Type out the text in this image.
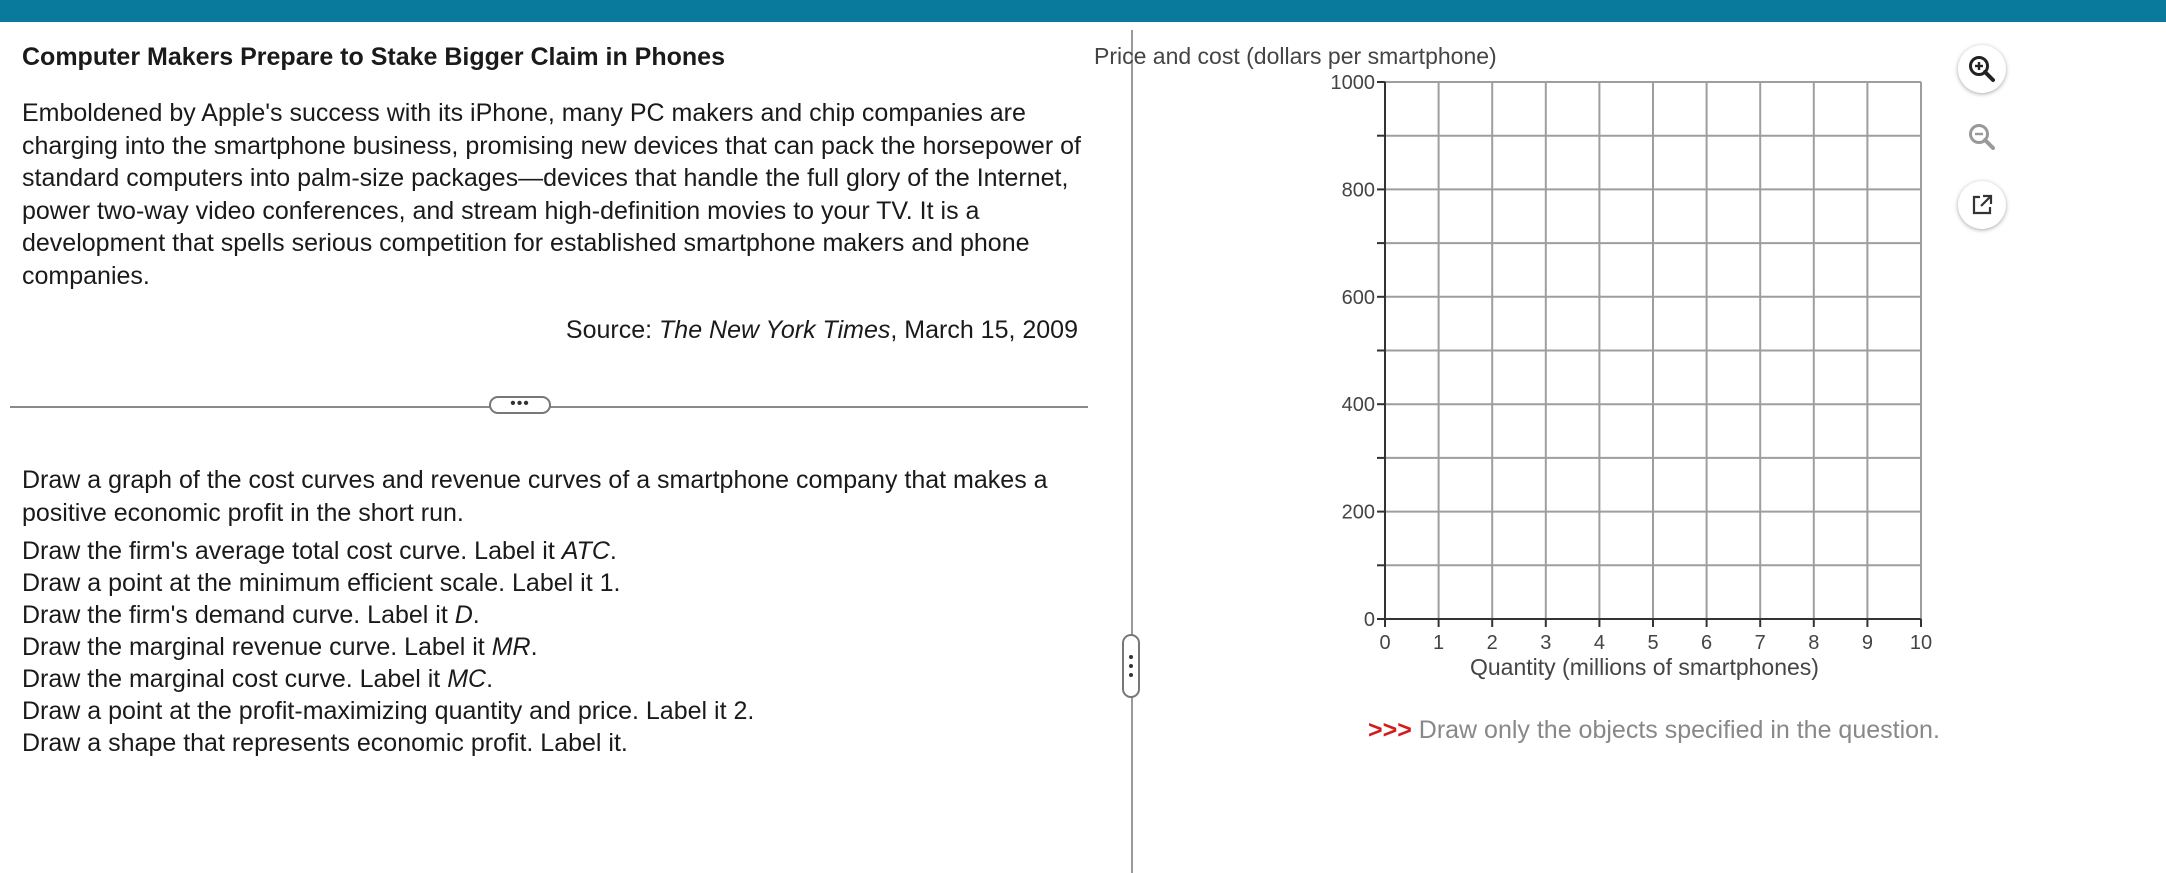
Computer Makers Prepare to Stake Bigger Claim in Phones

Emboldened by Apple's success with its iPhone, many PC makers and chip companies are charging into the smartphone business, promising new devices that can pack the horsepower of standard computers into palm-size packages—devices that handle the full glory of the Internet, power two-way video conferences, and stream high-definition movies to your TV. It is a development that spells serious competition for established smartphone makers and phone companies.

Source: The New York Times, March 15, 2009
•••

Draw a graph of the cost curves and revenue curves of a smartphone company that makes a positive economic profit in the short run.

Draw the firm's average total cost curve. Label it ATC.
Draw a point at the minimum efficient scale. Label it 1.
Draw the firm's demand curve. Label it D.
Draw the marginal revenue curve. Label it MR.
Draw the marginal cost curve. Label it MC.
Draw a point at the profit-maximizing quantity and price. Label it 2.
Draw a shape that represents economic profit. Label it.
Price and cost (dollars per smartphone)
0
200
400
600
800
1000
0 1 2 3 4 5 6 7 8 9 10
Quantity (millions of smartphones)
>>> Draw only the objects specified in the question.
